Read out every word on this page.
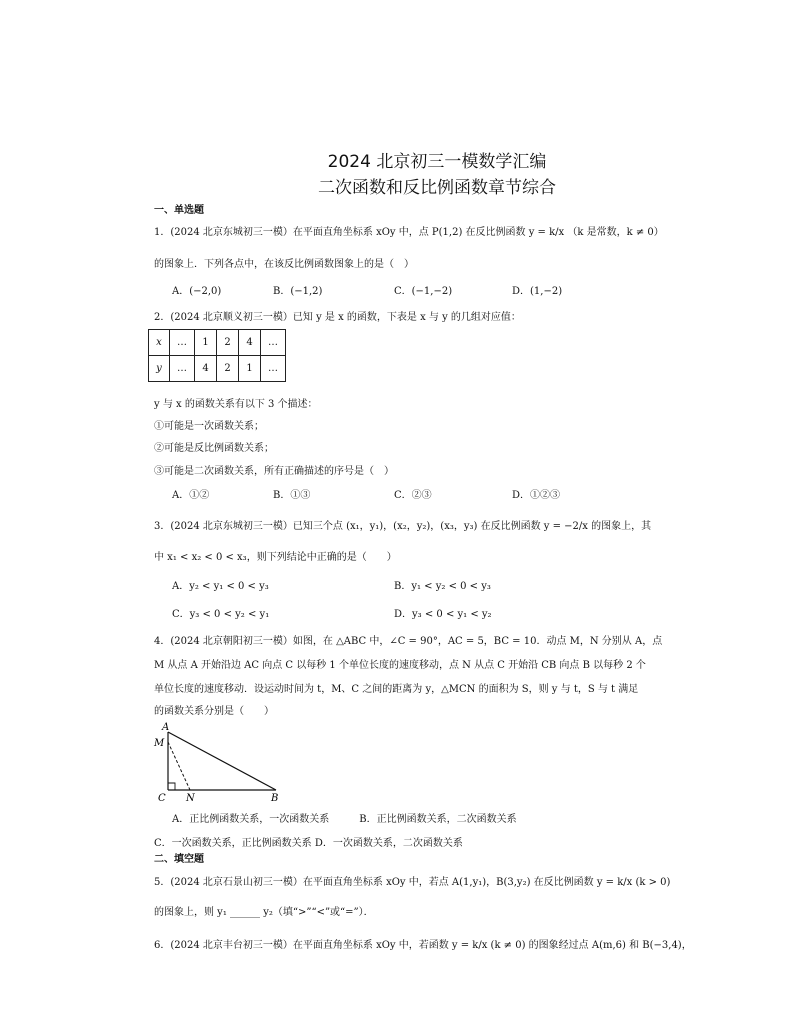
2024 北京初三一模数学汇编
二次函数和反比例函数章节综合
一、单选题
1．(2024 北京东城初三一模）在平面直角坐标系 xOy 中，点 P(1,2) 在反比例函数 y = k/x （k 是常数，k ≠ 0）
的图象上．下列各点中，在该反比例函数图象上的是（　）
A．(−2,0)	B．(−1,2)	C．(−1,−2)	D．(1,−2)
2．(2024 北京顺义初三一模）已知 y 是 x 的函数，下表是 x 与 y 的几组对应值：
x	…	1	2	4	…
y	…	4	2	1	…
y 与 x 的函数关系有以下 3 个描述：
①可能是一次函数关系；
②可能是反比例函数关系；
③可能是二次函数关系，所有正确描述的序号是（　）
A．①②	B．①③	C．②③	D．①②③
3．(2024 北京东城初三一模）已知三个点 (x₁，y₁)，(x₂，y₂)，(x₃，y₃) 在反比例函数 y = −2/x 的图象上，其
中 x₁ < x₂ < 0 < x₃，则下列结论中正确的是（　　）
A．y₂ < y₁ < 0 < y₃	B．y₁ < y₂ < 0 < y₃
C．y₃ < 0 < y₂ < y₁	D．y₃ < 0 < y₁ < y₂
4．(2024 北京朝阳初三一模）如图，在 △ABC 中，∠C = 90°，AC = 5，BC = 10．动点 M，N 分别从 A，点
M 从点 A 开始沿边 AC 向点 C 以每秒 1 个单位长度的速度移动，点 N 从点 C 开始沿 CB 向点 B 以每秒 2 个
单位长度的速度移动．设运动时间为 t，M、C 之间的距离为 y，△MCN 的面积为 S，则 y 与 t，S 与 t 满足
的函数关系分别是（　　）
A
M
C N	B
A．正比例函数关系，一次函数关系　　　B．正比例函数关系，二次函数关系
C．一次函数关系，正比例函数关系 D．一次函数关系，二次函数关系
二、填空题
5．(2024 北京石景山初三一模）在平面直角坐标系 xOy 中，若点 A(1,y₁)，B(3,y₂) 在反比例函数 y = k/x (k > 0)
的图象上，则 y₁ ______ y₂（填“>”“<”或“=”）．
6．(2024 北京丰台初三一模）在平面直角坐标系 xOy 中，若函数 y = k/x (k ≠ 0) 的图象经过点 A(m,6) 和 B(−3,4)，
